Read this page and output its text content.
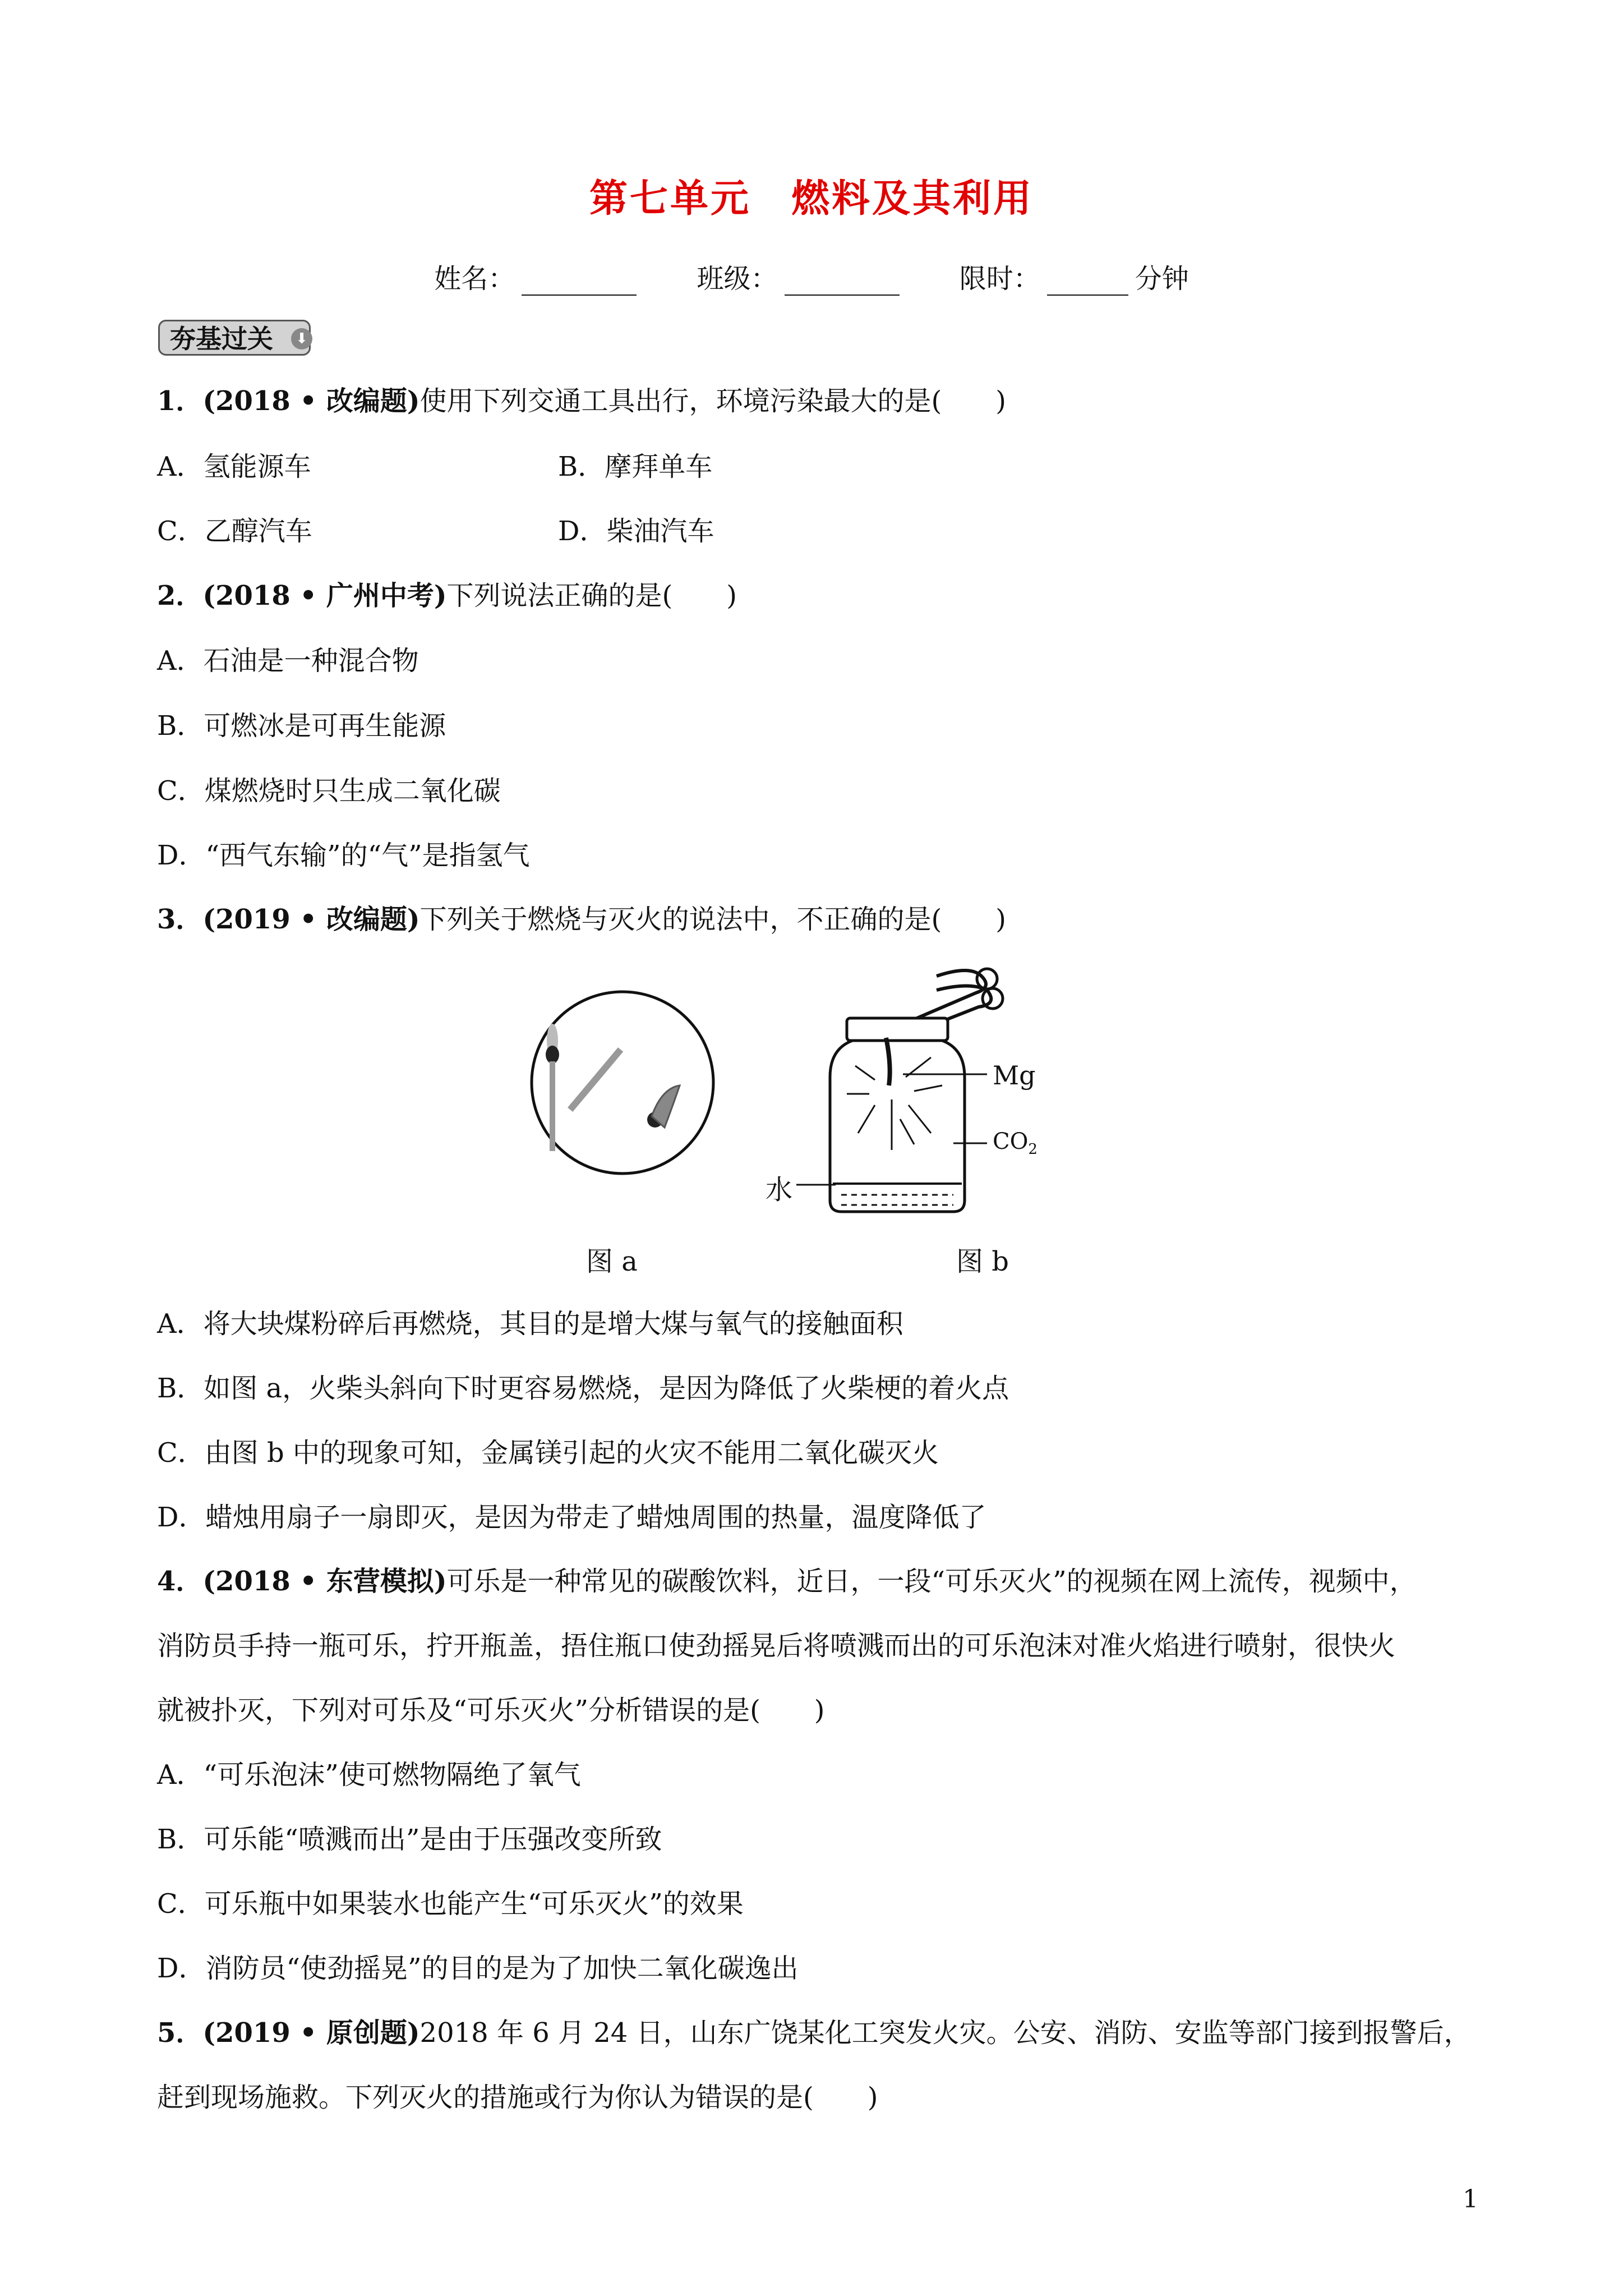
第七单元　燃料及其利用
姓名：	班级：	限时：	分钟
夯基过关	⬇
1．(2018 • 改编题)使用下列交通工具出行，环境污染最大的是(　　)
A．氢能源车	B．摩拜单车
C．乙醇汽车	D．柴油汽车
2．(2018 • 广州中考)下列说法正确的是(　　)
A．石油是一种混合物
B．可燃冰是可再生能源
C．煤燃烧时只生成二氧化碳
D．“西气东输”的“气”是指氢气
3．(2019 • 改编题)下列关于燃烧与灭火的说法中，不正确的是(　　)
Mg
$CO_2$
水
图 a	图 b
A．将大块煤粉碎后再燃烧，其目的是增大煤与氧气的接触面积
B．如图 a，火柴头斜向下时更容易燃烧，是因为降低了火柴梗的着火点
C．由图 b 中的现象可知，金属镁引起的火灾不能用二氧化碳灭火
D．蜡烛用扇子一扇即灭，是因为带走了蜡烛周围的热量，温度降低了
4．(2018 • 东营模拟)可乐是一种常见的碳酸饮料，近日，一段“可乐灭火”的视频在网上流传，视频中，
消防员手持一瓶可乐，拧开瓶盖，捂住瓶口使劲摇晃后将喷溅而出的可乐泡沫对准火焰进行喷射，很快火
就被扑灭，下列对可乐及“可乐灭火”分析错误的是(　　)
A．“可乐泡沫”使可燃物隔绝了氧气
B．可乐能“喷溅而出”是由于压强改变所致
C．可乐瓶中如果装水也能产生“可乐灭火”的效果
D．消防员“使劲摇晃”的目的是为了加快二氧化碳逸出
5．(2019 • 原创题)2018 年 6 月 24 日，山东广饶某化工突发火灾。公安、消防、安监等部门接到报警后，
赶到现场施救。下列灭火的措施或行为你认为错误的是(　　)
1
